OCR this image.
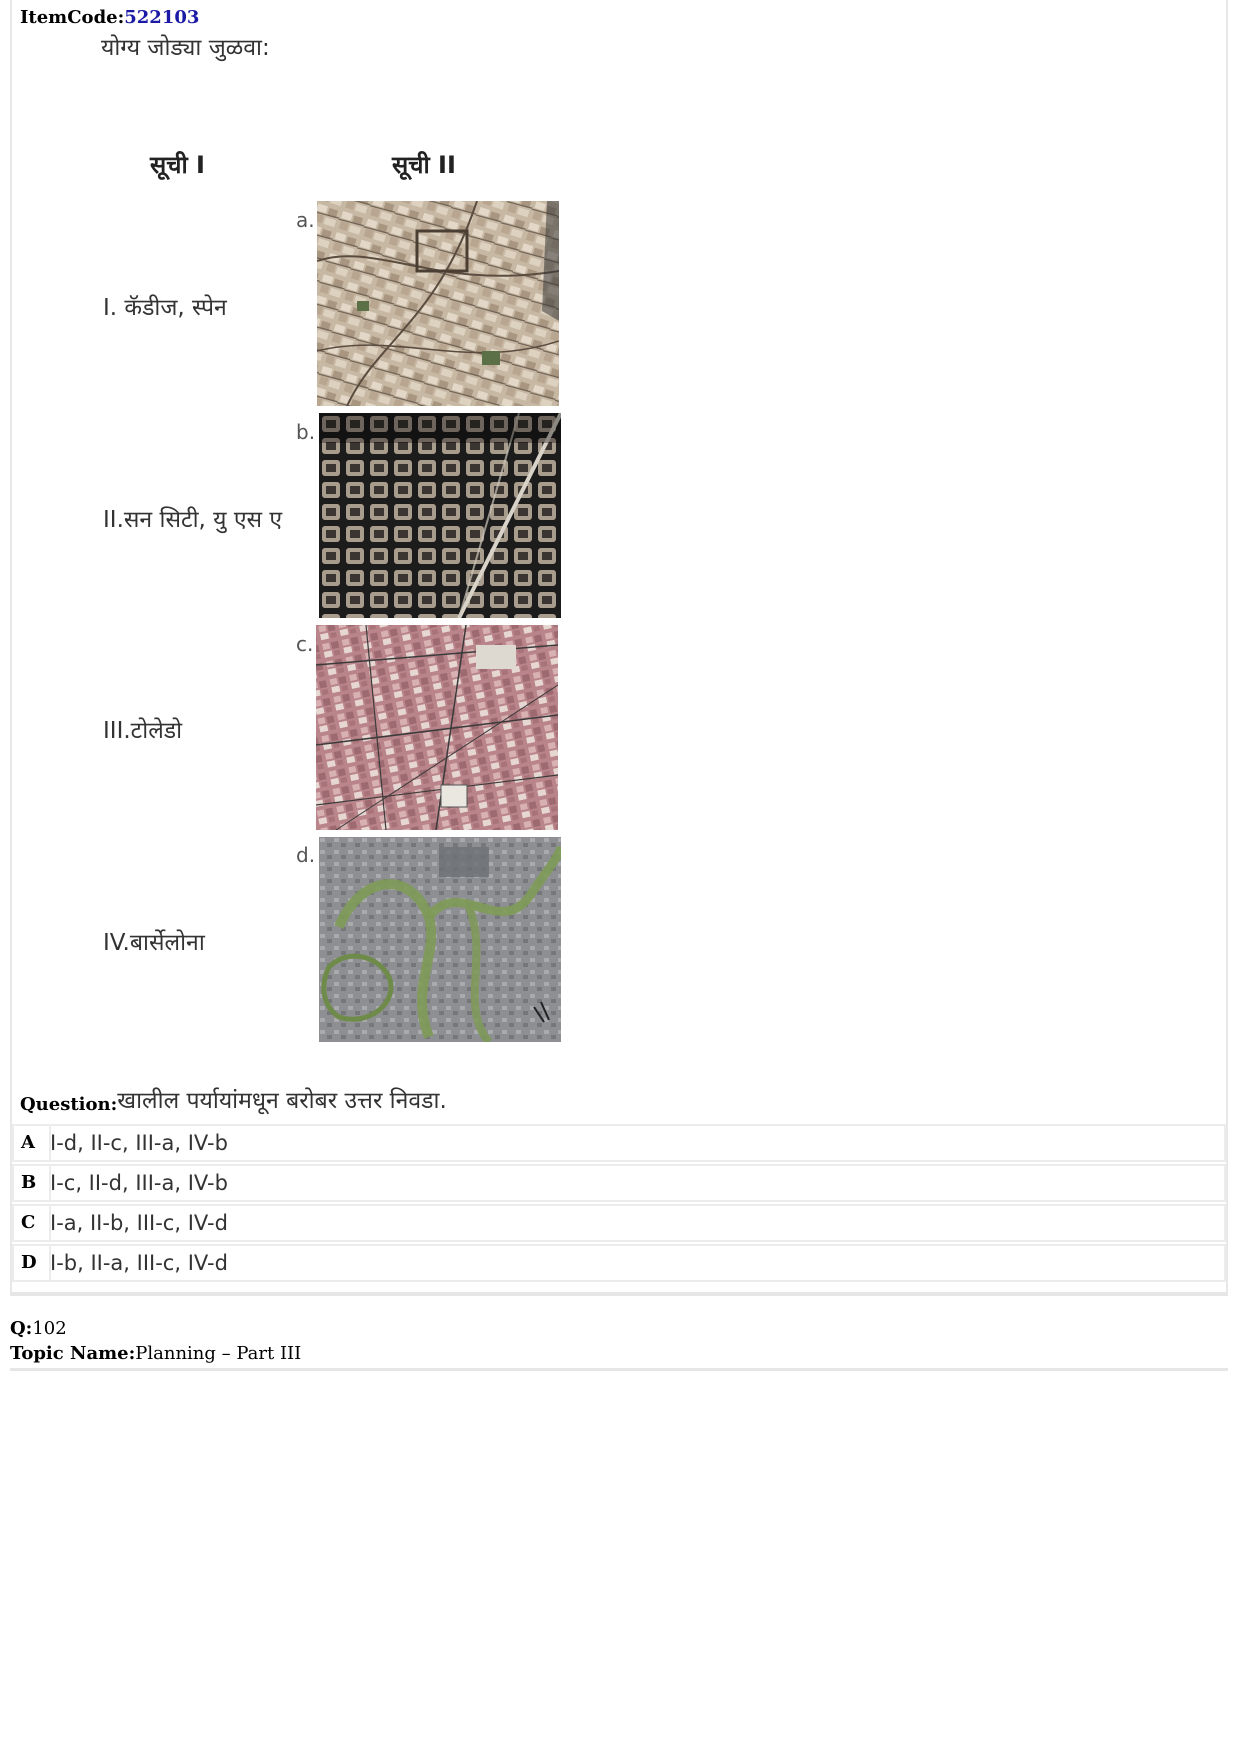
ItemCode:522103
योग्य जोड्या जुळवा:
सूची I	सूची II
I. कॅडीज, स्पेन
a.
II.सन सिटी, यु एस ए
b.
III.टोलेडो
c.
IV.बार्सेलोना
d.
Question:खालील पर्यायांमधून बरोबर उत्तर निवडा.
A I-d, II-c, III-a, IV-b
B I-c, II-d, III-a, IV-b
C I-a, II-b, III-c, IV-d
D I-b, II-a, III-c, IV-d
Q:102
Topic Name:Planning – Part III
